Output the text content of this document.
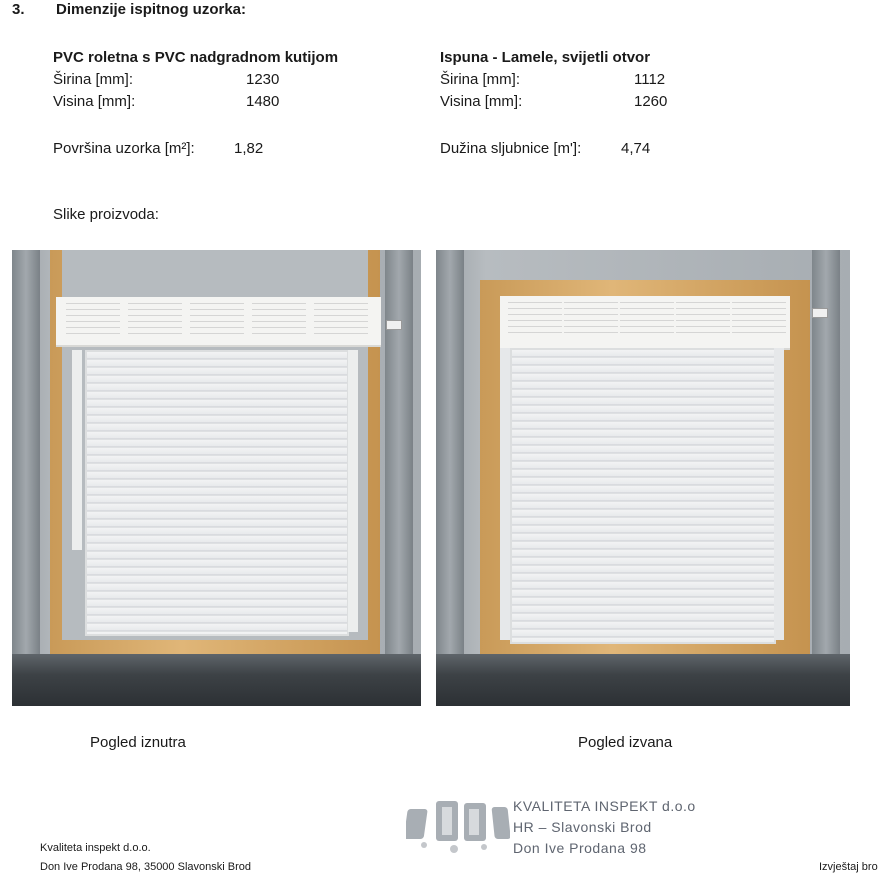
3. Dimenzije ispitnog uzorka:
PVC roletna s PVC nadgradnom kutijom
Širina [mm]:	1230
Visina [mm]:	1480
Površina uzorka [m²]:	1,82
Ispuna - Lamele, svijetli otvor
Širina [mm]:	1112
Visina [mm]:	1260
Dužina sljubnice [m']:	4,74
Slike proizvoda:
Pogled iznutra	Pogled izvana
KVALITETA INSPEKT d.o.o
HR – Slavonski Brod
Don Ive Prodana 98
Kvaliteta inspekt d.o.o.
Don Ive Prodana 98, 35000 Slavonski Brod	Izvještaj bro
